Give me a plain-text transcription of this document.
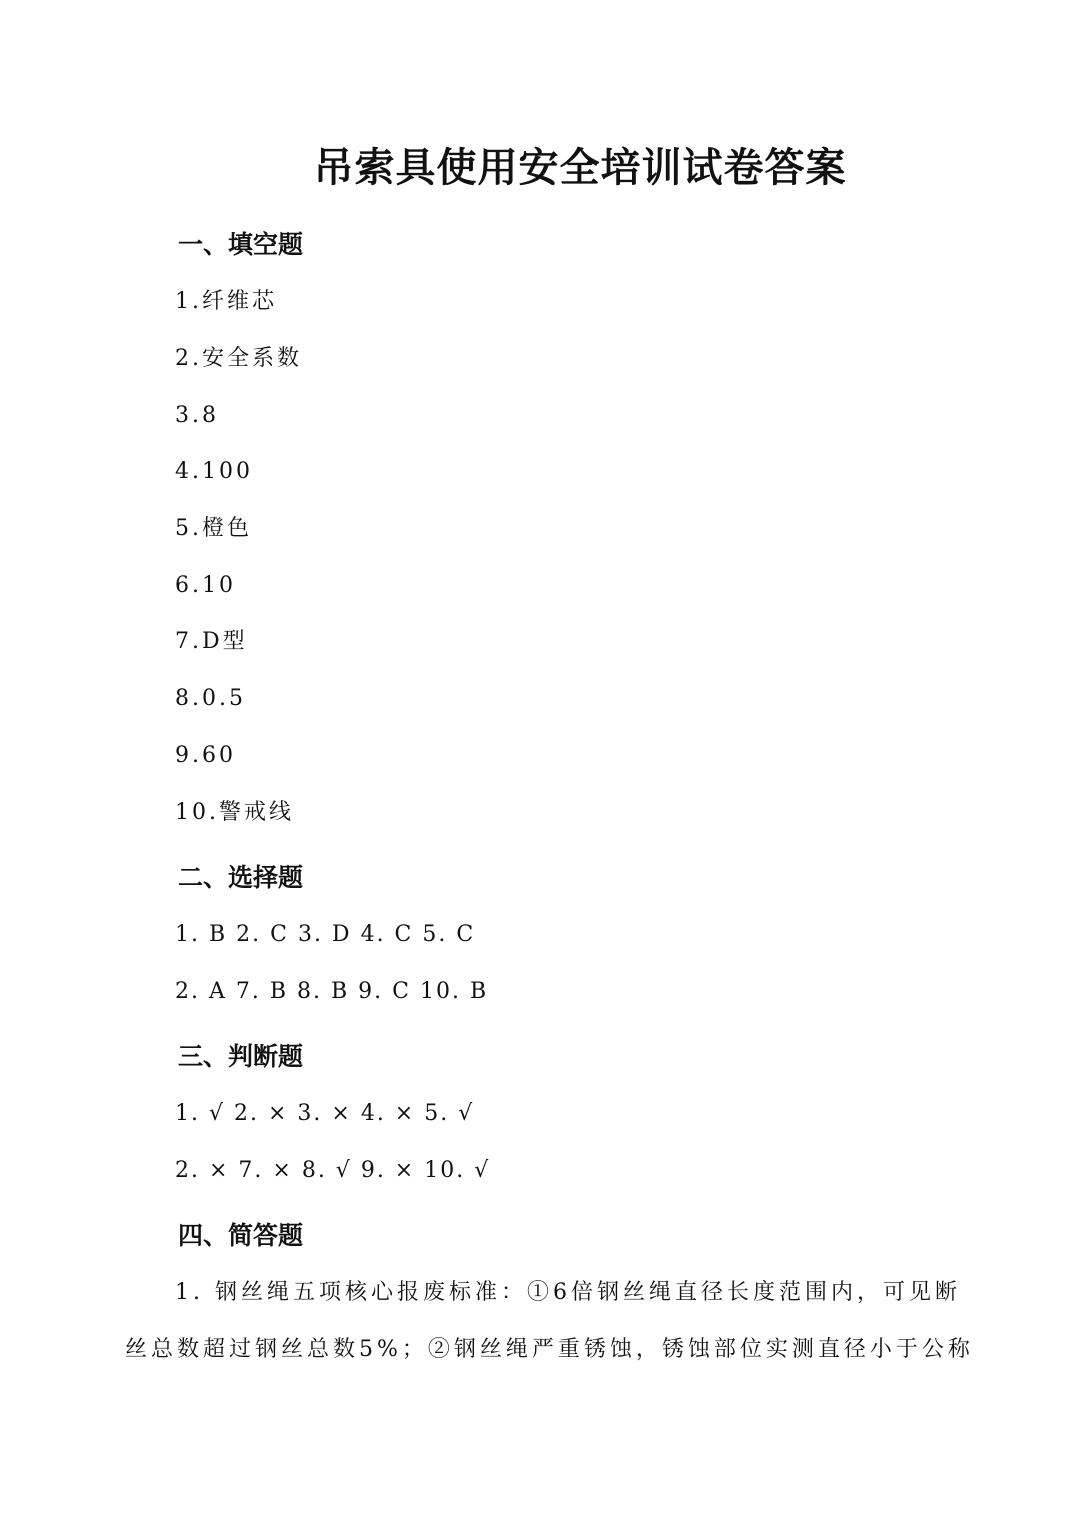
吊索具使用安全培训试卷答案
一、填空题

1.纤维芯

2.安全系数

3.8

4.100

5.橙色

6.10

7.D型

8.0.5

9.60

10.警戒线

二、选择题

1. B 2. C 3. D 4. C 5. C

2. A 7. B 8. B 9. C 10. B

三、判断题

1. √ 2. × 3. × 4. × 5. √

2. × 7. × 8. √ 9. × 10. √

四、简答题

1. 钢丝绳五项核心报废标准：①6倍钢丝绳直径长度范围内，可见断

丝总数超过钢丝总数5%；②钢丝绳严重锈蚀，锈蚀部位实测直径小于公称
